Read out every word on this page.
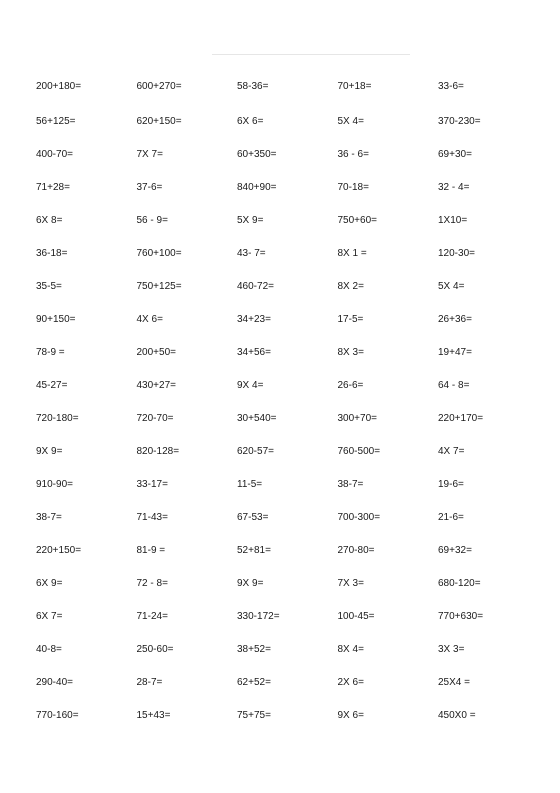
200+180=	600+270=	58-36=	70+18=	33-6=
56+125=	620+150=	6X 6=	5X 4=	370-230=
400-70=	7X 7=	60+350=	36 - 6=	69+30=
71+28=	37-6=	840+90=	70-18=	32 - 4=
6X 8=	56 - 9=	5X 9=	750+60=	1X10=
36-18=	760+100=	43- 7=	8X 1 =	120-30=
35-5=	750+125=	460-72=	8X 2=	5X 4=
90+150=	4X 6=	34+23=	17-5=	26+36=
78-9 =	200+50=	34+56=	8X 3=	19+47=
45-27=	430+27=	9X 4=	26-6=	64 - 8=
720-180=	720-70=	30+540=	300+70=	220+170=
9X 9=	820-128=	620-57=	760-500=	4X 7=
910-90=	33-17=	11-5=	38-7=	19-6=
38-7=	71-43=	67-53=	700-300=	21-6=
220+150=	81-9 =	52+81=	270-80=	69+32=
6X 9=	72 - 8=	9X 9=	7X 3=	680-120=
6X 7=	71-24=	330-172=	100-45=	770+630=
40-8=	250-60=	38+52=	8X 4=	3X 3=
290-40=	28-7=	62+52=	2X 6=	25X4 =
770-160=	15+43=	75+75=	9X 6=	450X0 =
